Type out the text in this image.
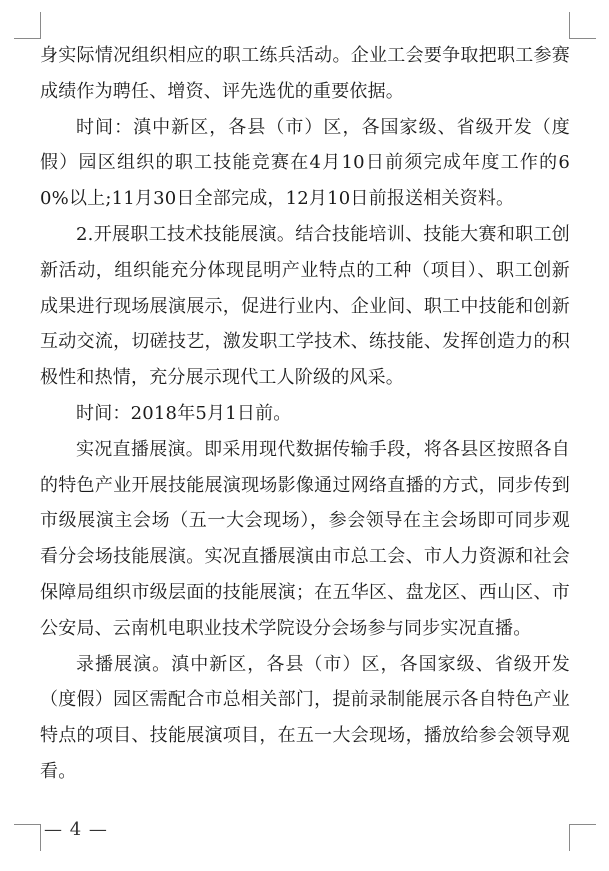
身实际情况组织相应的职工练兵活动。企业工会要争取把职工参赛成绩作为聘任、增资、评先选优的重要依据。

时间：滇中新区，各县（市）区，各国家级、省级开发（度假）园区组织的职工技能竞赛在4月10日前须完成年度工作的60%以上;11月30日全部完成，12月10日前报送相关资料。

2.开展职工技术技能展演。结合技能培训、技能大赛和职工创新活动，组织能充分体现昆明产业特点的工种（项目）、职工创新成果进行现场展演展示，促进行业内、企业间、职工中技能和创新互动交流，切磋技艺，激发职工学技术、练技能、发挥创造力的积极性和热情，充分展示现代工人阶级的风采。

时间：2018年5月1日前。

实况直播展演。即采用现代数据传输手段，将各县区按照各自的特色产业开展技能展演现场影像通过网络直播的方式，同步传到市级展演主会场（五一大会现场），参会领导在主会场即可同步观看分会场技能展演。实况直播展演由市总工会、市人力资源和社会保障局组织市级层面的技能展演；在五华区、盘龙区、西山区、市公安局、云南机电职业技术学院设分会场参与同步实况直播。

录播展演。滇中新区，各县（市）区，各国家级、省级开发（度假）园区需配合市总相关部门，提前录制能展示各自特色产业特点的项目、技能展演项目，在五一大会现场，播放给参会领导观看。

— 4 —
